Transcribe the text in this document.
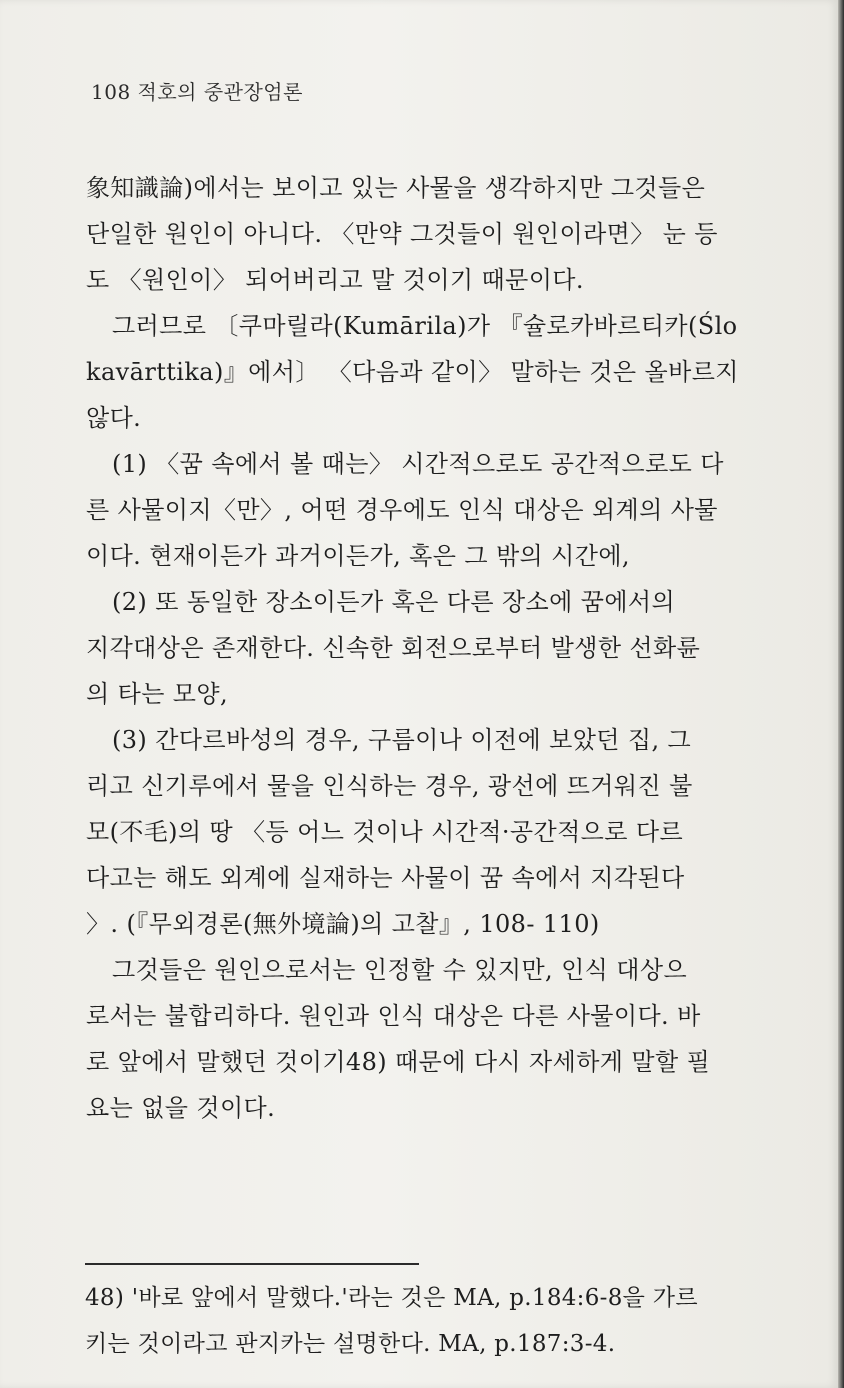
108 적호의 중관장엄론
象知識論)에서는 보이고 있는 사물을 생각하지만 그것들은
단일한 원인이 아니다. 〈만약 그것들이 원인이라면〉 눈 등
도 〈원인이〉 되어버리고 말 것이기 때문이다.
그러므로 〔쿠마릴라(Kumārila)가 『슐로카바르티카(Ślo
kavārttika)』에서〕 〈다음과 같이〉 말하는 것은 올바르지
않다.
(1) 〈꿈 속에서 볼 때는〉 시간적으로도 공간적으로도 다
른 사물이지〈만〉, 어떤 경우에도 인식 대상은 외계의 사물
이다. 현재이든가 과거이든가, 혹은 그 밖의 시간에,
(2) 또 동일한 장소이든가 혹은 다른 장소에 꿈에서의
지각대상은 존재한다. 신속한 회전으로부터 발생한 선화륜
의 타는 모양,
(3) 간다르바성의 경우, 구름이나 이전에 보았던 집, 그
리고 신기루에서 물을 인식하는 경우, 광선에 뜨거워진 불
모(不毛)의 땅 〈등 어느 것이나 시간적·공간적으로 다르
다고는 해도 외계에 실재하는 사물이 꿈 속에서 지각된다
〉. (『무외경론(無外境論)의 고찰』, 108- 110)
그것들은 원인으로서는 인정할 수 있지만, 인식 대상으
로서는 불합리하다. 원인과 인식 대상은 다른 사물이다. 바
로 앞에서 말했던 것이기48) 때문에 다시 자세하게 말할 필
요는 없을 것이다.
48) '바로 앞에서 말했다.'라는 것은 MA, p.184:6-8을 가르
키는 것이라고 판지카는 설명한다. MA, p.187:3-4.
